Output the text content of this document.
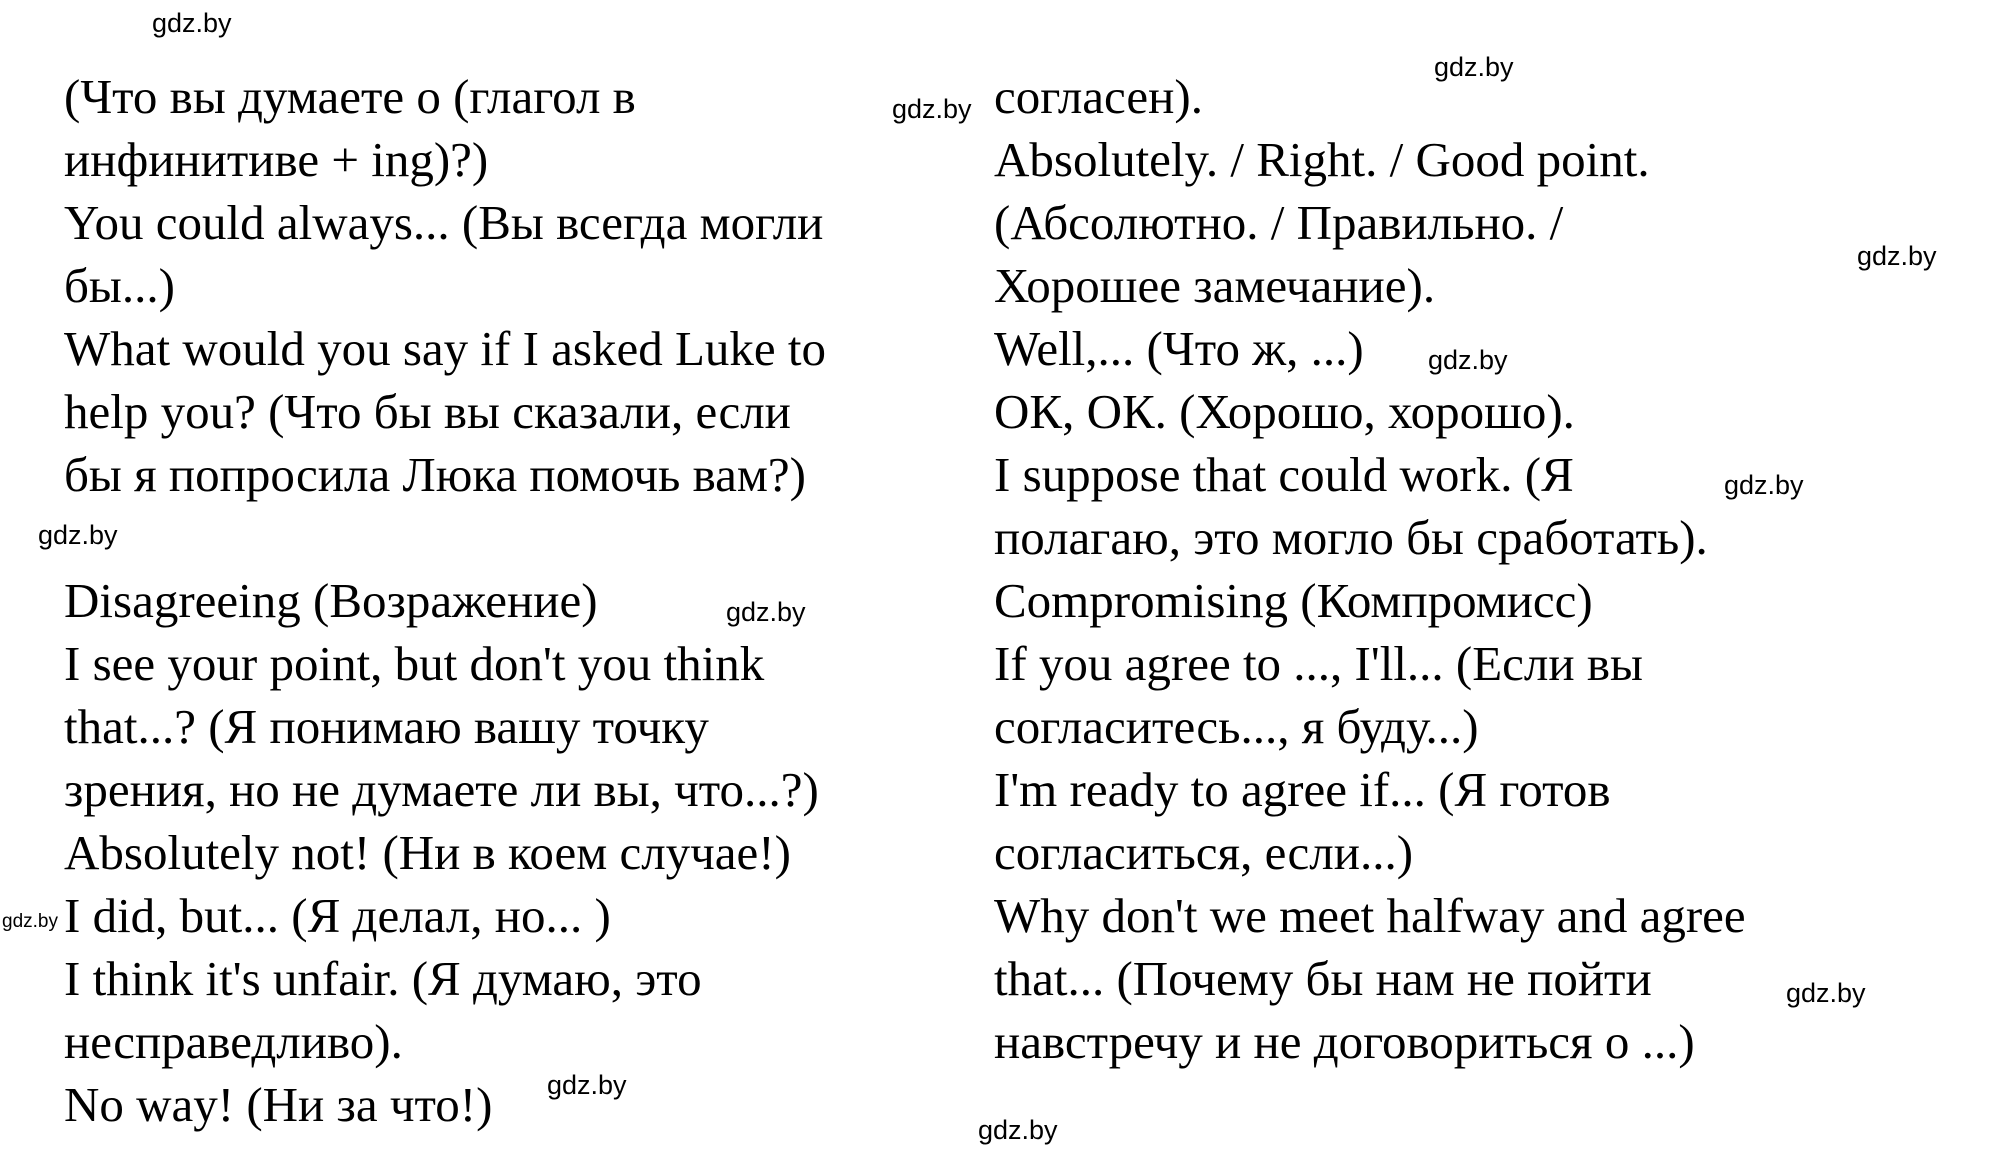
(Что вы думаете о (глагол в
инфинитиве + ing)?)
You could always... (Вы всегда могли
бы...)
What would you say if I asked Luke to
help you? (Что бы вы сказали, если
бы я попросила Люка помочь вам?)
Disagreeing (Возражение)
I see your point, but don't you think
that...? (Я понимаю вашу точку
зрения, но не думаете ли вы, что...?)
Absolutely not! (Ни в коем случае!)
I did, but... (Я делал, но... )
I think it's unfair. (Я думаю, это
несправедливо).
No way! (Ни за что!)
согласен).
Absolutely. / Right. / Good point.
(Абсолютно. / Правильно. /
Хорошее замечание).
Well,... (Что ж, ...)
ОК, ОК. (Хорошо, хорошо).
I suppose that could work. (Я
полагаю, это могло бы сработать).
Compromising (Компромисс)
If you agree to ..., I'll... (Если вы
согласитесь..., я буду...)
I'm ready to agree if... (Я готов
согласиться, если...)
Why don't we meet halfway and agree
that... (Почему бы нам не пойти
навстречу и не договориться о ...)
gdz.by
gdz.by
gdz.by
gdz.by
gdz.by
gdz.by
gdz.by
gdz.by
gdz.by
gdz.by
gdz.by
gdz.by
